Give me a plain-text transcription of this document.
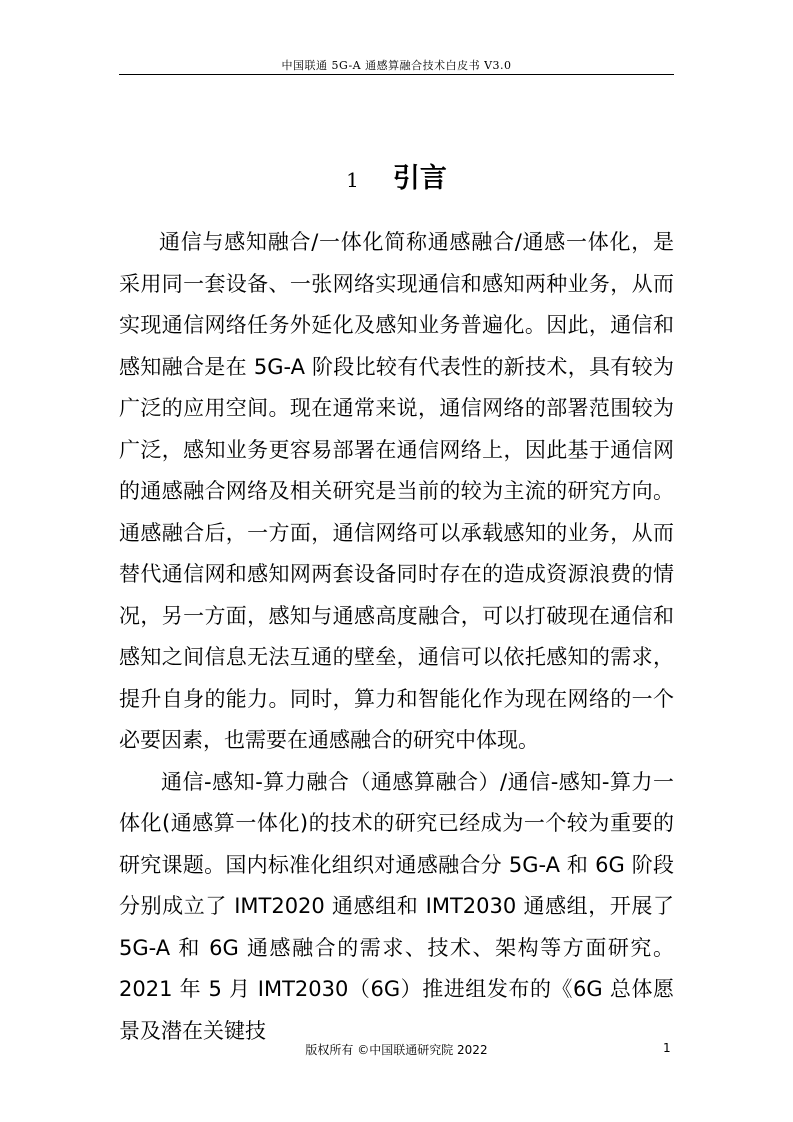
中国联通 5G-A 通感算融合技术白皮书 V3.0
1 引言

通信与感知融合/一体化简称通感融合/通感一体化，是采用同一套设备、一张网络实现通信和感知两种业务，从而实现通信网络任务外延化及感知业务普遍化。因此，通信和感知融合是在 5G-A 阶段比较有代表性的新技术，具有较为广泛的应用空间。现在通常来说，通信网络的部署范围较为广泛，感知业务更容易部署在通信网络上，因此基于通信网的通感融合网络及相关研究是当前的较为主流的研究方向。通感融合后，一方面，通信网络可以承载感知的业务，从而替代通信网和感知网两套设备同时存在的造成资源浪费的情况，另一方面，感知与通感高度融合，可以打破现在通信和感知之间信息无法互通的壁垒，通信可以依托感知的需求，提升自身的能力。同时，算力和智能化作为现在网络的一个必要因素，也需要在通感融合的研究中体现。

通信-感知-算力融合（通感算融合）/通信-感知-算力一体化(通感算一体化)的技术的研究已经成为一个较为重要的研究课题。国内标准化组织对通感融合分 5G-A 和 6G 阶段分别成立了 IMT2020 通感组和 IMT2030 通感组，开展了 5G-A 和 6G 通感融合的需求、技术、架构等方面研究。2021 年 5 月 IMT2030（6G）推进组发布的《6G 总体愿景及潜在关键技

版权所有 ©中国联通研究院 2022	1
